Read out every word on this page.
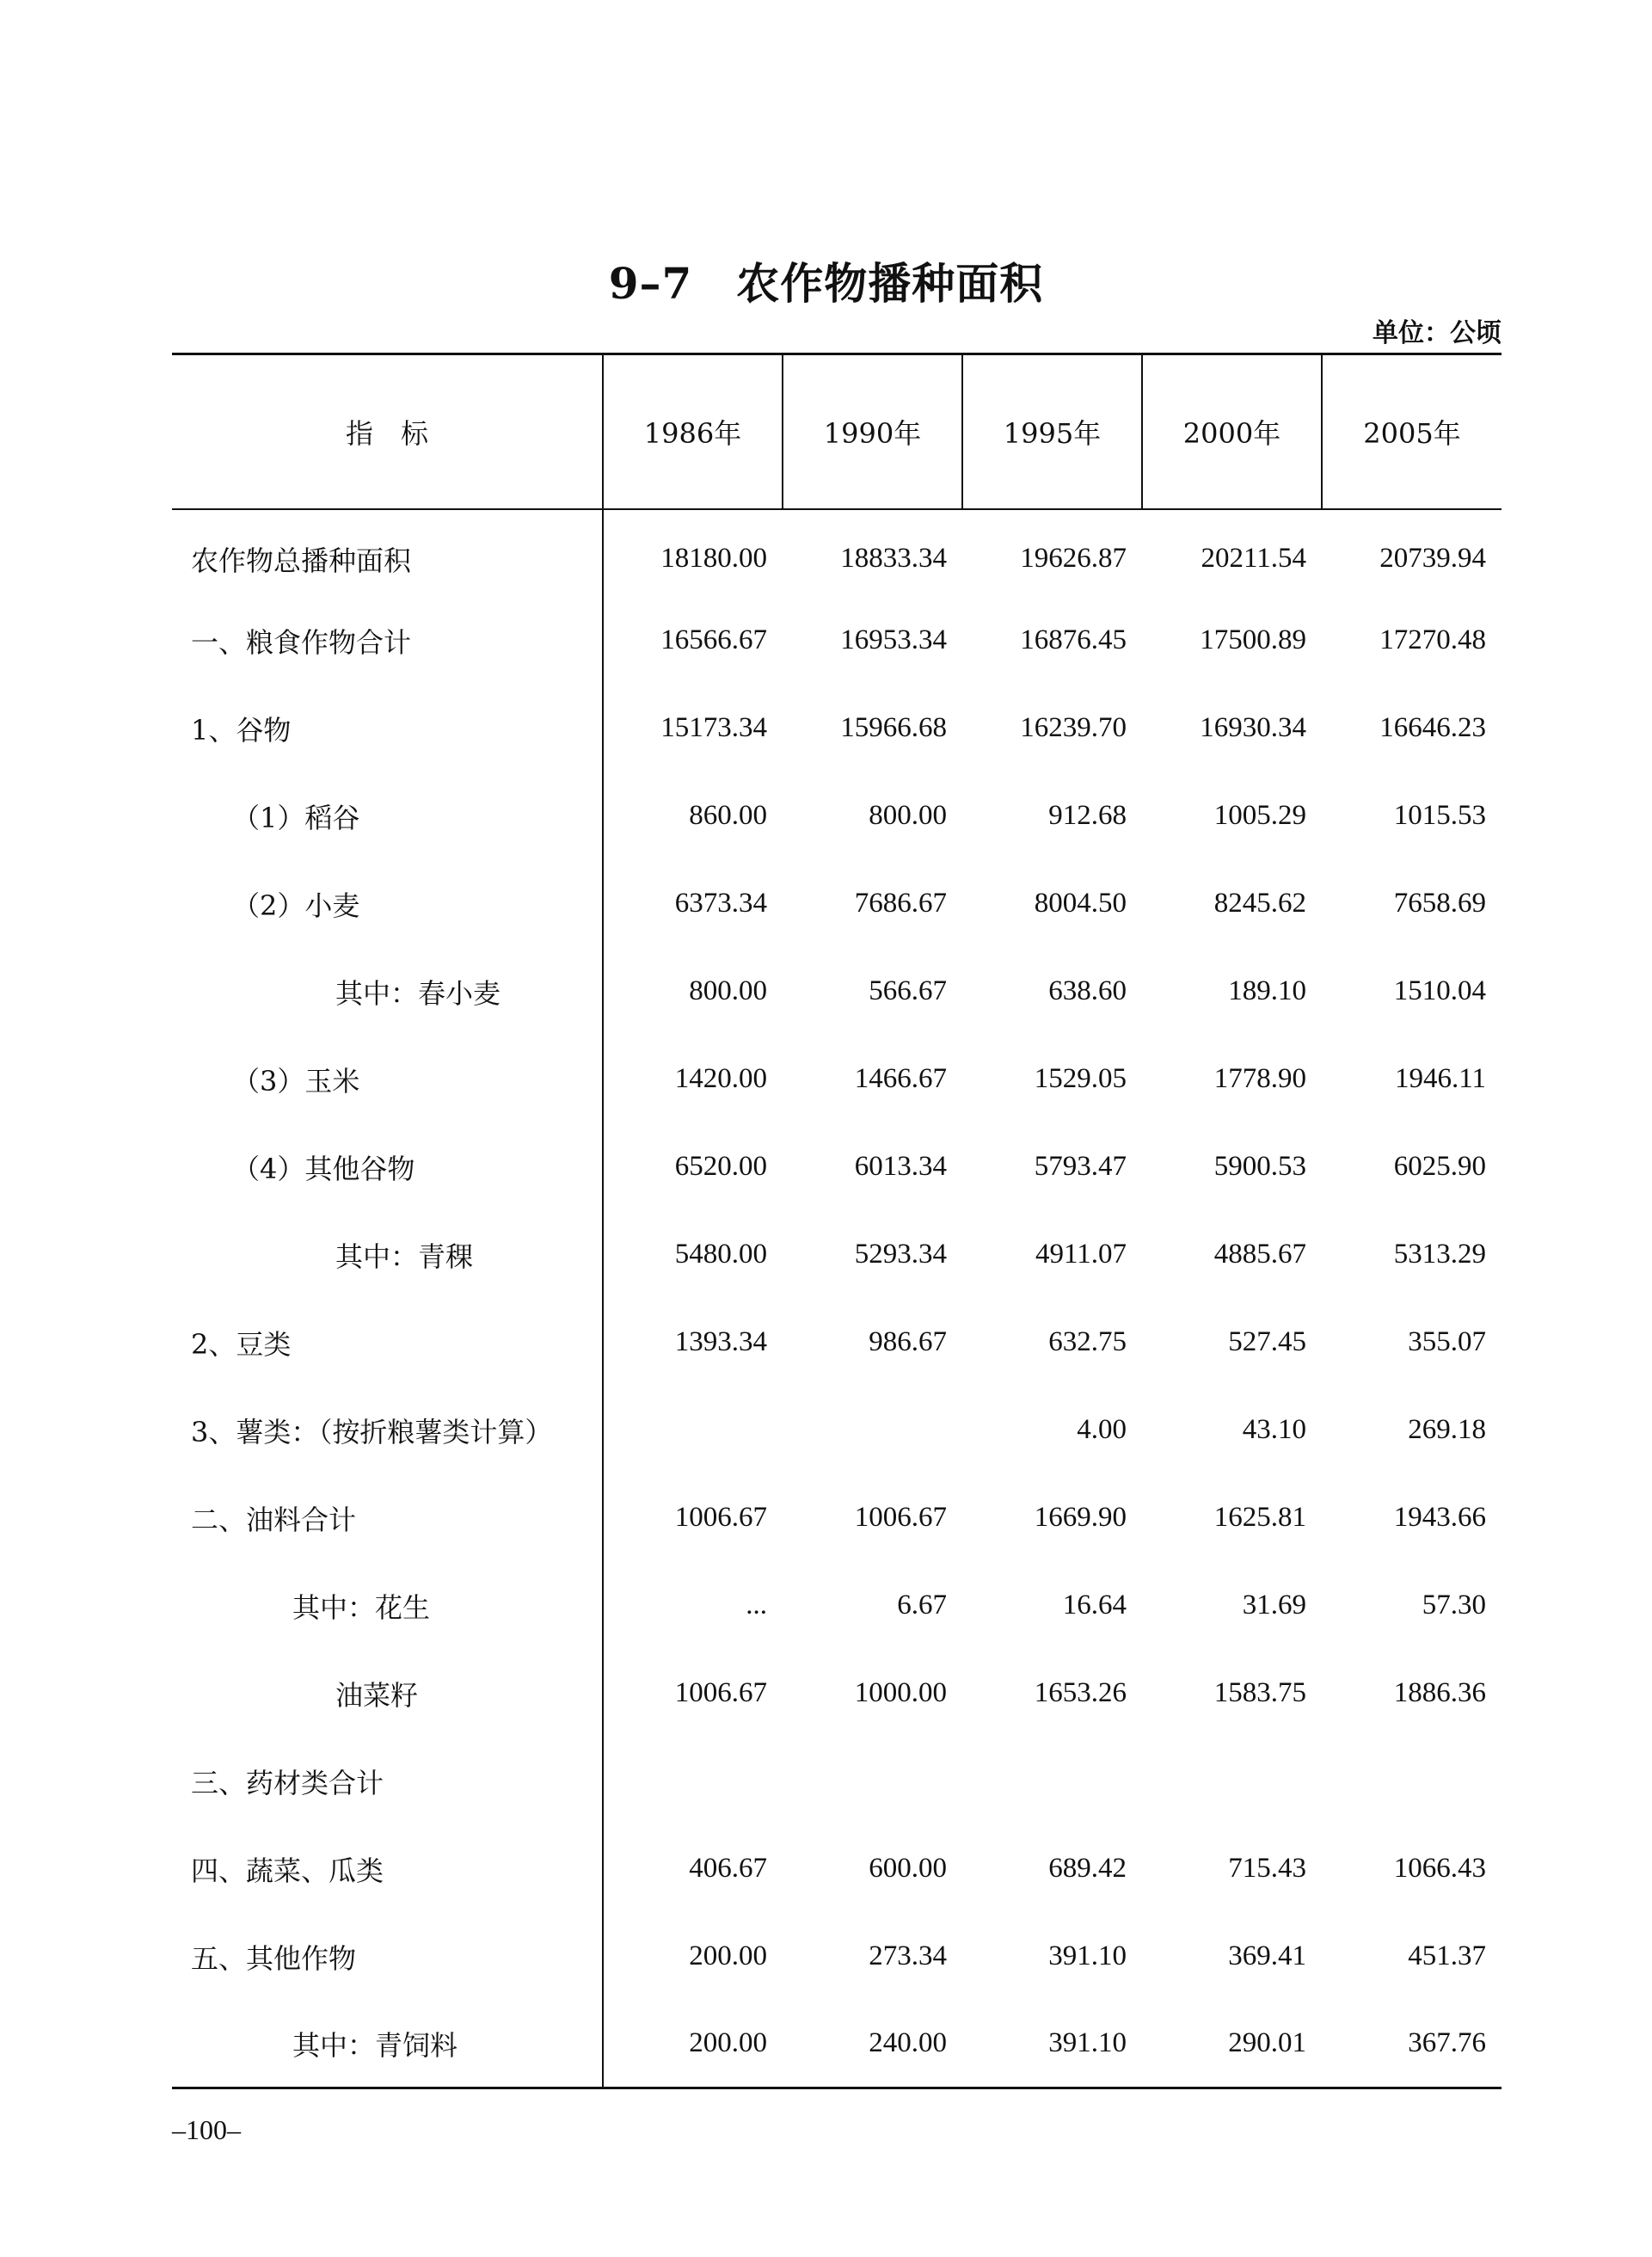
9–7　农作物播种面积
单位：公顷
指　标	1986年	1990年	1995年	2000年	2005年
农作物总播种面积	18180.00	18833.34	19626.87	20211.54	20739.94
一、粮食作物合计	16566.67	16953.34	16876.45	17500.89	17270.48
1、谷物	15173.34	15966.68	16239.70	16930.34	16646.23
（1）稻谷	860.00	800.00	912.68	1005.29	1015.53
（2）小麦	6373.34	7686.67	8004.50	8245.62	7658.69
其中：春小麦	800.00	566.67	638.60	189.10	1510.04
（3）玉米	1420.00	1466.67	1529.05	1778.90	1946.11
（4）其他谷物	6520.00	6013.34	5793.47	5900.53	6025.90
其中：青稞	5480.00	5293.34	4911.07	4885.67	5313.29
2、豆类	1393.34	986.67	632.75	527.45	355.07
3、薯类：（按折粮薯类计算）			4.00	43.10	269.18
二、油料合计	1006.67	1006.67	1669.90	1625.81	1943.66
其中：花生	...	6.67	16.64	31.69	57.30
油菜籽	1006.67	1000.00	1653.26	1583.75	1886.36
三、药材类合计					
四、蔬菜、瓜类	406.67	600.00	689.42	715.43	1066.43
五、其他作物	200.00	273.34	391.10	369.41	451.37
其中：青饲料	200.00	240.00	391.10	290.01	367.76
–100–
